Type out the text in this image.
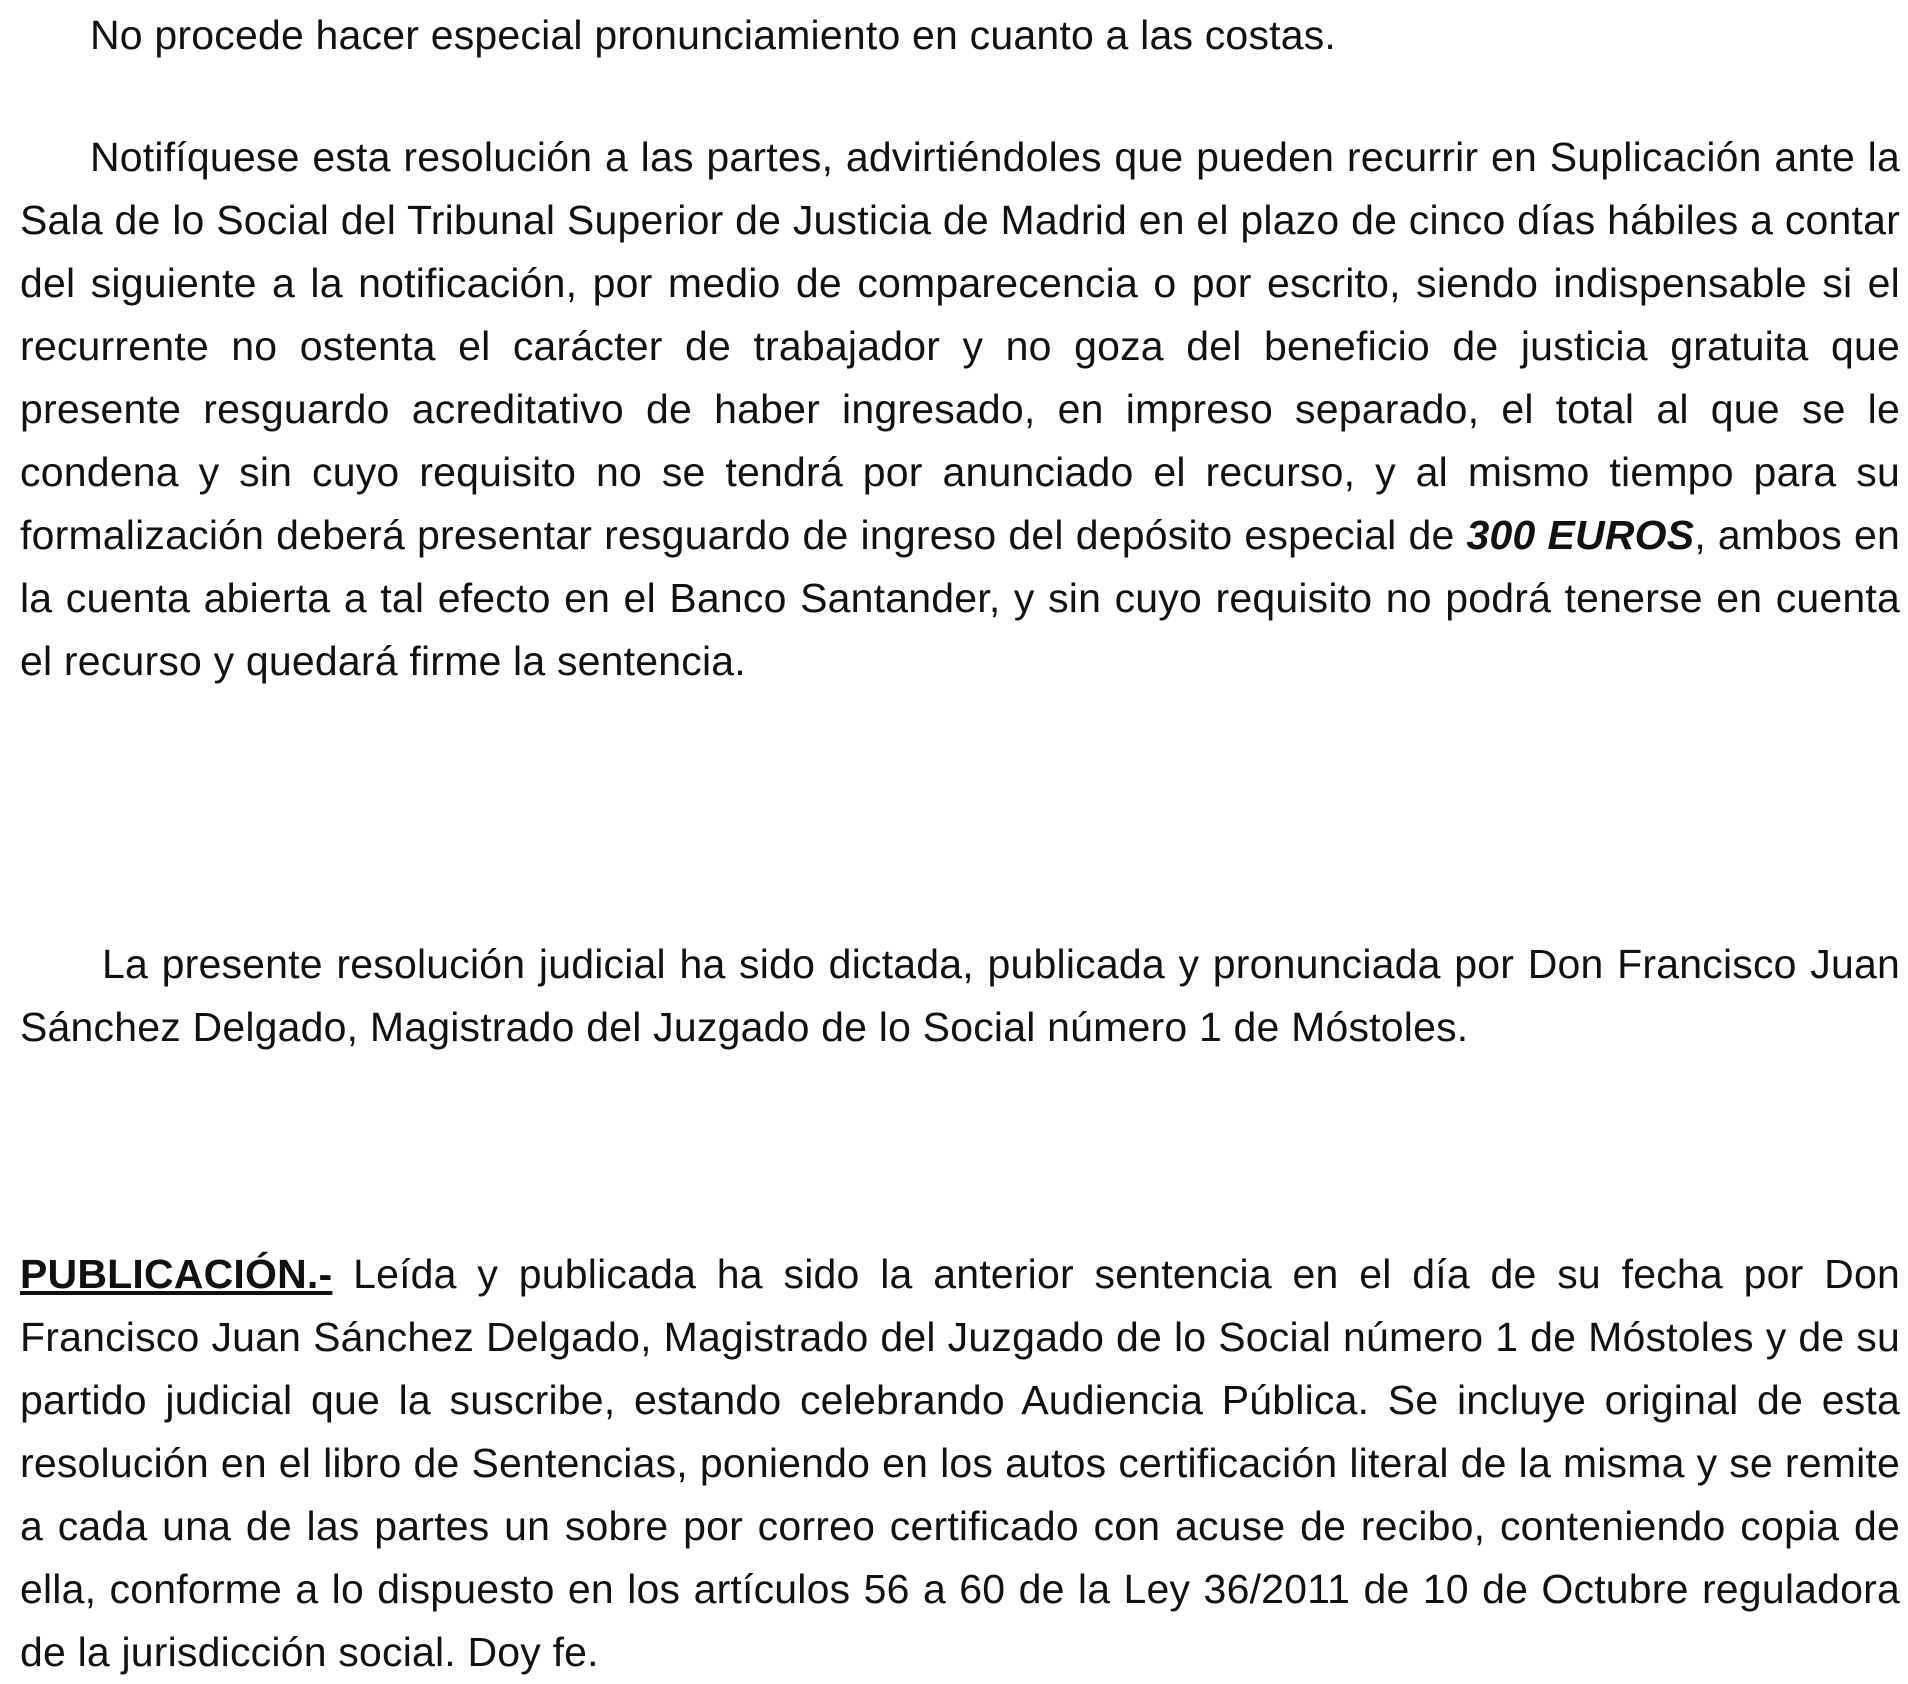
No procede hacer especial pronunciamiento en cuanto a las costas.

Notifíquese esta resolución a las partes, advirtiéndoles que pueden recurrir en Suplicación ante la Sala de lo Social del Tribunal Superior de Justicia de Madrid en el plazo de cinco días hábiles a contar del siguiente a la notificación, por medio de comparecencia o por escrito, siendo indispensable si el recurrente no ostenta el carácter de trabajador y no goza del beneficio de justicia gratuita que presente resguardo acreditativo de haber ingresado, en impreso separado, el total al que se le condena y sin cuyo requisito no se tendrá por anunciado el recurso, y al mismo tiempo para su formalización deberá presentar resguardo de ingreso del depósito especial de 300 EUROS, ambos en la cuenta abierta a tal efecto en el Banco Santander, y sin cuyo requisito no podrá tenerse en cuenta el recurso y quedará firme la sentencia.

La presente resolución judicial ha sido dictada, publicada y pronunciada por Don Francisco Juan Sánchez Delgado, Magistrado del Juzgado de lo Social número 1 de Móstoles.

PUBLICACIÓN.- Leída y publicada ha sido la anterior sentencia en el día de su fecha por Don Francisco Juan Sánchez Delgado, Magistrado del Juzgado de lo Social número 1 de Móstoles y de su partido judicial que la suscribe, estando celebrando Audiencia Pública. Se incluye original de esta resolución en el libro de Sentencias, poniendo en los autos certificación literal de la misma y se remite a cada una de las partes un sobre por correo certificado con acuse de recibo, conteniendo copia de ella, conforme a lo dispuesto en los artículos 56 a 60 de la Ley 36/2011 de 10 de Octubre reguladora de la jurisdicción social. Doy fe.
